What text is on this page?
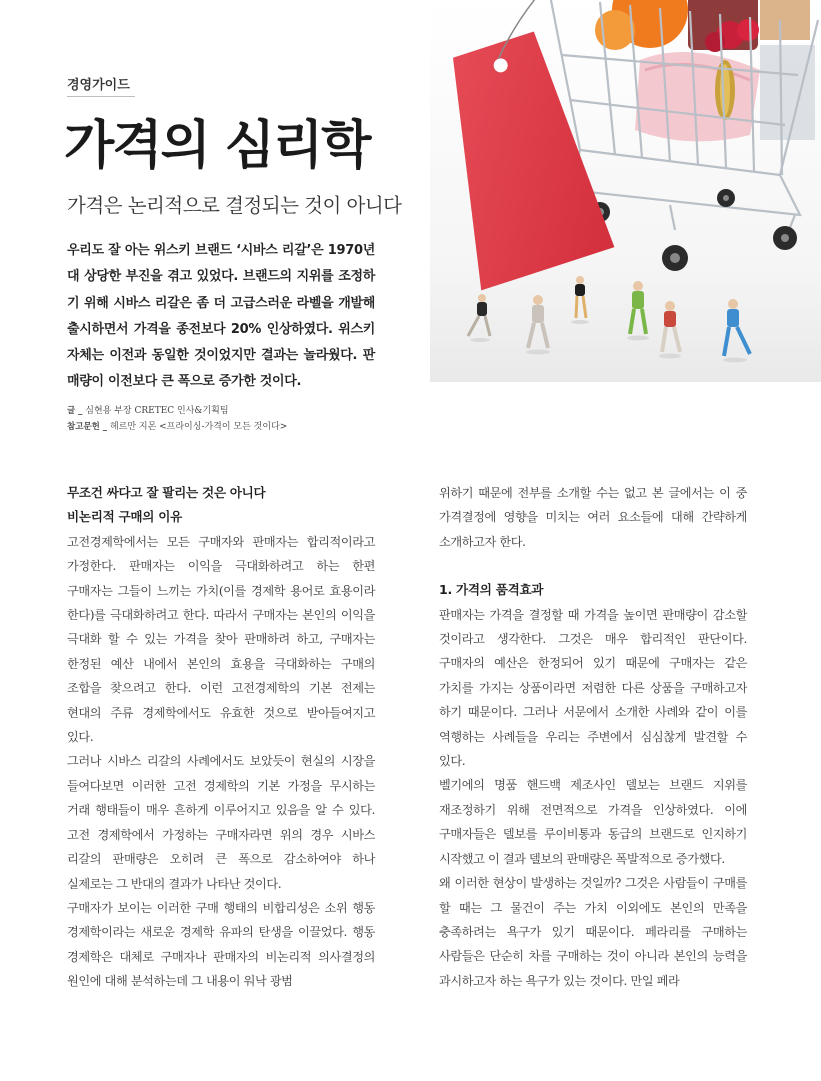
경영가이드
가격의 심리학
가격은 논리적으로 결정되는 것이 아니다

우리도 잘 아는 위스키 브랜드 ‘시바스 리갈’은 1970년대 상당한 부진을 겪고 있었다. 브랜드의 지위를 조정하기 위해 시바스 리갈은 좀 더 고급스러운 라벨을 개발해 출시하면서 가격을 종전보다 20% 인상하였다. 위스키 자체는 이전과 동일한 것이었지만 결과는 놀라웠다. 판매량이 이전보다 큰 폭으로 증가한 것이다.

글 _ 심현용 부장 CRETEC 인사&기획팀
참고문헌 _ 헤르만 지몬 <프라이싱-가격이 모든 것이다>

무조건 싸다고 잘 팔리는 것은 아니다

비논리적 구매의 이유

고전경제학에서는 모든 구매자와 판매자는 합리적이라고 가정한다. 판매자는 이익을 극대화하려고 하는 한편 구매자는 그들이 느끼는 가치(이를 경제학 용어로 효용이라 한다)를 극대화하려고 한다. 따라서 구매자는 본인의 이익을 극대화 할 수 있는 가격을 찾아 판매하려 하고, 구매자는 한정된 예산 내에서 본인의 효용을 극대화하는 구매의 조합을 찾으려고 한다. 이런 고전경제학의 기본 전제는 현대의 주류 경제학에서도 유효한 것으로 받아들여지고 있다.

그러나 시바스 리갈의 사례에서도 보았듯이 현실의 시장을 들여다보면 이러한 고전 경제학의 기본 가정을 무시하는 거래 행태들이 매우 흔하게 이루어지고 있음을 알 수 있다. 고전 경제학에서 가정하는 구매자라면 위의 경우 시바스 리갈의 판매량은 오히려 큰 폭으로 감소하여야 하나 실제로는 그 반대의 결과가 나타난 것이다.

구매자가 보이는 이러한 구매 행태의 비합리성은 소위 행동 경제학이라는 새로운 경제학 유파의 탄생을 이끌었다. 행동 경제학은 대체로 구매자나 판매자의 비논리적 의사결정의 원인에 대해 분석하는데 그 내용이 워낙 광범

위하기 때문에 전부를 소개할 수는 없고 본 글에서는 이 중 가격결정에 영향을 미치는 여러 요소들에 대해 간략하게 소개하고자 한다.

1. 가격의 품격효과

판매자는 가격을 결정할 때 가격을 높이면 판매량이 감소할 것이라고 생각한다. 그것은 매우 합리적인 판단이다. 구매자의 예산은 한정되어 있기 때문에 구매자는 같은 가치를 가지는 상품이라면 저렴한 다른 상품을 구매하고자 하기 때문이다. 그러나 서문에서 소개한 사례와 같이 이를 역행하는 사례들을 우리는 주변에서 심심찮게 발견할 수 있다.

벨기에의 명품 핸드백 제조사인 델보는 브랜드 지위를 재조정하기 위해 전면적으로 가격을 인상하였다. 이에 구매자들은 델보를 루이비통과 동급의 브랜드로 인지하기 시작했고 이 결과 델보의 판매량은 폭발적으로 증가했다.

왜 이러한 현상이 발생하는 것일까? 그것은 사람들이 구매를 할 때는 그 물건이 주는 가치 이외에도 본인의 만족을 충족하려는 욕구가 있기 때문이다. 페라리를 구매하는 사람들은 단순히 차를 구매하는 것이 아니라 본인의 능력을 과시하고자 하는 욕구가 있는 것이다. 만일 페라
